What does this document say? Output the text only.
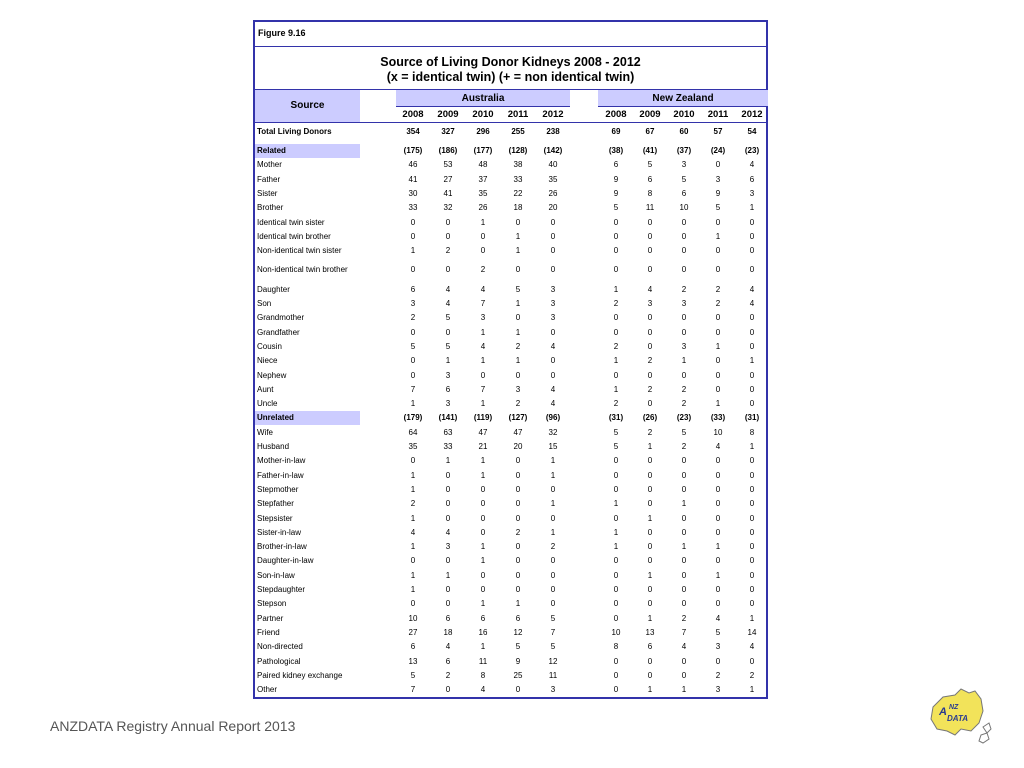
Figure 9.16
Source of Living Donor Kidneys 2008 - 2012
(x = identical twin) (+ = non identical twin)
Source
Australia	New Zealand
2008	2009	2010	2011	2012	2008	2009	2010	2011	2012
Total Living Donors	354	327	296	255	238	69	67	60	57	54
Related	(175)	(186)	(177)	(128)	(142)	(38)	(41)	(37)	(24)	(23)
Mother	46	53	48	38	40	6	5	3	0	4
Father	41	27	37	33	35	9	6	5	3	6
Sister	30	41	35	22	26	9	8	6	9	3
Brother	33	32	26	18	20	5	11	10	5	1
Identical twin sister	0	0	1	0	0	0	0	0	0	0
Identical twin brother	0	0	0	1	0	0	0	0	1	0
Non-identical twin sister	1	2	0	1	0	0	0	0	0	0
Non-identical twin brother	0	0	2	0	0	0	0	0	0	0
Daughter	6	4	4	5	3	1	4	2	2	4
Son	3	4	7	1	3	2	3	3	2	4
Grandmother	2	5	3	0	3	0	0	0	0	0
Grandfather	0	0	1	1	0	0	0	0	0	0
Cousin	5	5	4	2	4	2	0	3	1	0
Niece	0	1	1	1	0	1	2	1	0	1
Nephew	0	3	0	0	0	0	0	0	0	0
Aunt	7	6	7	3	4	1	2	2	0	0
Uncle	1	3	1	2	4	2	0	2	1	0
Unrelated	(179)	(141)	(119)	(127)	(96)	(31)	(26)	(23)	(33)	(31)
Wife	64	63	47	47	32	5	2	5	10	8
Husband	35	33	21	20	15	5	1	2	4	1
Mother-in-law	0	1	1	0	1	0	0	0	0	0
Father-in-law	1	0	1	0	1	0	0	0	0	0
Stepmother	1	0	0	0	0	0	0	0	0	0
Stepfather	2	0	0	0	1	1	0	1	0	0
Stepsister	1	0	0	0	0	0	1	0	0	0
Sister-in-law	4	4	0	2	1	1	0	0	0	0
Brother-in-law	1	3	1	0	2	1	0	1	1	0
Daughter-in-law	0	0	1	0	0	0	0	0	0	0
Son-in-law	1	1	0	0	0	0	1	0	1	0
Stepdaughter	1	0	0	0	0	0	0	0	0	0
Stepson	0	0	1	1	0	0	0	0	0	0
Partner	10	6	6	6	5	0	1	2	4	1
Friend	27	18	16	12	7	10	13	7	5	14
Non-directed	6	4	1	5	5	8	6	4	3	4
Pathological	13	6	11	9	12	0	0	0	0	0
Paired kidney exchange	5	2	8	25	11	0	0	0	2	2
Other	7	0	4	0	3	0	1	1	3	1
ANZDATA Registry Annual Report 2013
A NZ
DATA
